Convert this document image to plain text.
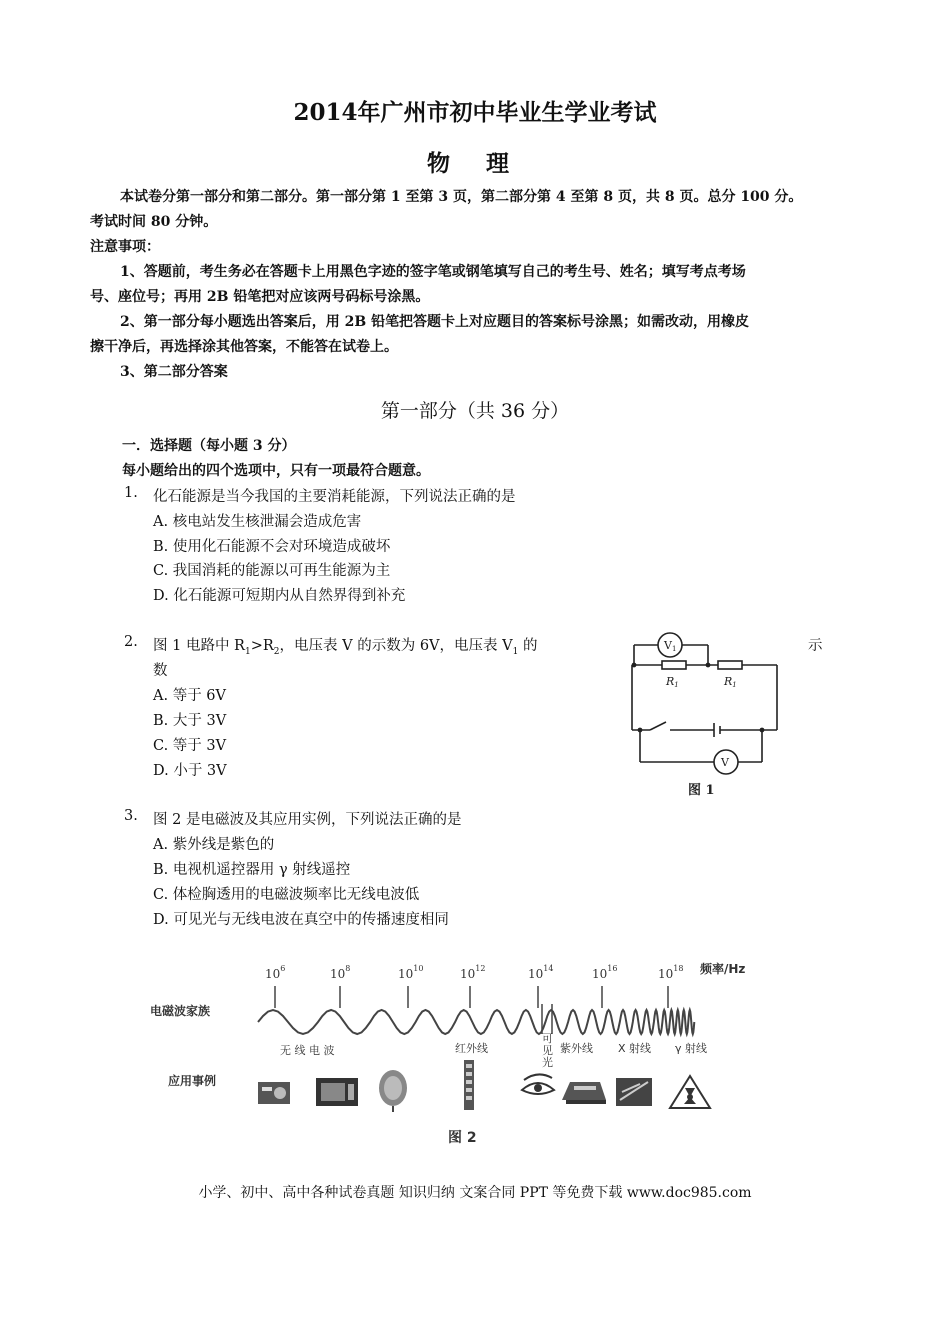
2014年广州市初中毕业生学业考试
物 理
本试卷分第一部分和第二部分。第一部分第 1 至第 3 页，第二部分第 4 至第 8 页，共 8 页。总分 100 分。
考试时间 80 分钟。
注意事项：
1、答题前，考生务必在答题卡上用黑色字迹的签字笔或钢笔填写自己的考生号、姓名；填写考点考场
号、座位号；再用 2B 铅笔把对应该两号码标号涂黑。
2、第一部分每小题选出答案后，用 2B 铅笔把答题卡上对应题目的答案标号涂黑；如需改动，用橡皮
擦干净后，再选择涂其他答案，不能答在试卷上。
3、第二部分答案
第一部分（共 36 分）
一．选择题（每小题 3 分）
每小题给出的四个选项中，只有一项最符合题意。
1. 化石能源是当今我国的主要消耗能源，下列说法正确的是
A. 核电站发生核泄漏会造成危害
B. 使用化石能源不会对环境造成破坏
C. 我国消耗的能源以可再生能源为主
D. 化石能源可短期内从自然界得到补充
2. 图 1 电路中 $R_1>R_2$，电压表 V 的示数为 6V，电压表 $V_1$ 的	示
数
A. 等于 6V
B. 大于 3V
C. 等于 3V
D. 小于 3V
V1
V
R1	R1
图 1
3. 图 2 是电磁波及其应用实例，下列说法正确的是
A. 紫外线是紫色的
B. 电视机遥控器用 γ 射线遥控
C. 体检胸透用的电磁波频率比无线电波低
D. 可见光与无线电波在真空中的传播速度相同
电磁波家族
应用事例
频率/Hz
$10^6$	$10^8$	$10^{10}$	$10^{12}$	$10^{14}$	$10^{16}$	$10^{18}$
无 线 电 波	红外线
可
见
光
紫外线 X 射线 γ 射线
图 2
小学、初中、高中各种试卷真题 知识归纳 文案合同 PPT 等免费下载 www.doc985.com
